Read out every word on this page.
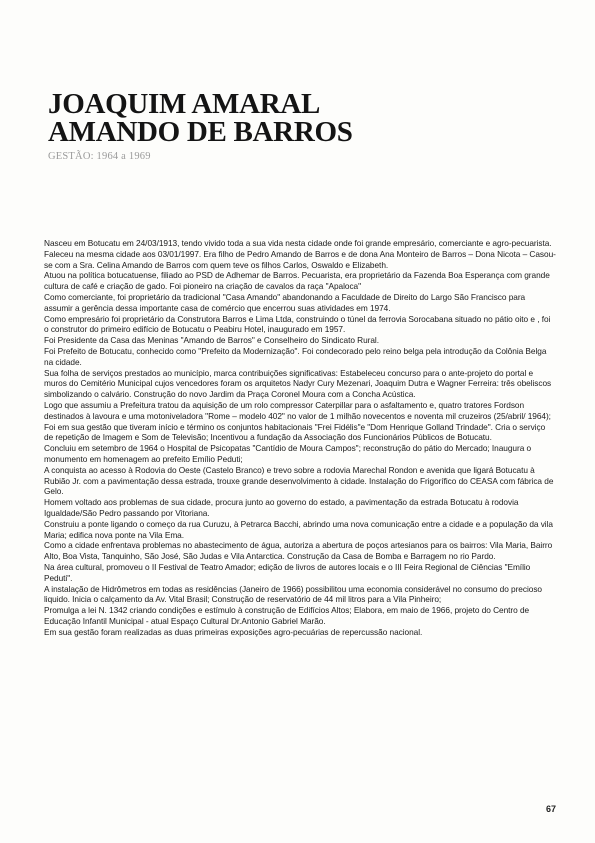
JOAQUIM AMARAL
AMANDO DE BARROS
GESTÃO: 1964 a 1969

Nasceu em Botucatu em 24/03/1913, tendo vivido toda a sua vida nesta cidade onde foi grande empresário, comerciante e agro-pecuarista. Faleceu na mesma cidade aos 03/01/1997. Era filho de Pedro Amando de Barros e de dona Ana Monteiro de Barros – Dona Nicota – Casou-se com a Sra. Celina Amando de Barros com quem teve os filhos Carlos, Oswaldo e Elizabeth.

Atuou na política botucatuense, filiado ao PSD de Adhemar de Barros. Pecuarista, era proprietário da Fazenda Boa Esperança com grande cultura de café e criação de gado. Foi pioneiro na criação de cavalos da raça "Apaloca"

Como comerciante, foi proprietário da tradicional "Casa Amando" abandonando a Faculdade de Direito do Largo São Francisco para assumir a gerência dessa importante casa de comércio que encerrou suas atividades em 1974.

Como empresário foi proprietário da Construtora Barros e Lima Ltda, construindo o túnel da ferrovia Sorocabana situado no pátio oito e , foi o construtor do primeiro edifício de Botucatu o Peabiru Hotel, inaugurado em 1957.

Foi Presidente da Casa das Meninas "Amando de Barros" e Conselheiro do Sindicato Rural.

Foi Prefeito de Botucatu, conhecido como "Prefeito da Modernização". Foi condecorado pelo reino belga pela introdução da Colônia Belga na cidade.

Sua folha de serviços prestados ao município, marca contribuições significativas: Estabeleceu concurso para o ante-projeto do portal e muros do Cemitério Municipal cujos vencedores foram os arquitetos Nadyr Cury Mezenari, Joaquim Dutra e Wagner Ferreira: três obeliscos simbolizando o calvário. Construção do novo Jardim da Praça Coronel Moura com a Concha Acústica.

Logo que assumiu a Prefeitura tratou da aquisição de um rolo compressor Caterpillar para o asfaltamento e, quatro tratores Fordson destinados à lavoura e uma motoniveladora "Rome – modelo 402" no valor de 1 milhão novecentos e noventa mil cruzeiros (25/abril/ 1964); Foi em sua gestão que tiveram início e término os conjuntos habitacionais "Frei Fidélis"e "Dom Henrique Golland Trindade". Cria o serviço de repetição de Imagem e Som de Televisão; Incentivou a fundação da Associação dos Funcionários Públicos de Botucatu.

Concluiu em setembro de 1964 o Hospital de Psicopatas "Cantídio de Moura Campos"; reconstrução do pátio do Mercado; Inaugura o monumento em homenagem ao prefeito Emílio Peduti;

A conquista ao acesso à Rodovia do Oeste (Castelo Branco) e trevo sobre a rodovia Marechal Rondon e avenida que ligará Botucatu à Rubião Jr. com a pavimentação dessa estrada, trouxe grande desenvolvimento à cidade. Instalação do Frigorífico do CEASA com fábrica de Gelo.

Homem voltado aos problemas de sua cidade, procura junto ao governo do estado, a pavimentação da estrada Botucatu à rodovia Igualdade/São Pedro passando por Vitoriana.

Construiu a ponte ligando o começo da rua Curuzu, à Petrarca Bacchi, abrindo uma nova comunicação entre a cidade e a população da vila Maria; edifica nova ponte na Vila Ema.

Como a cidade enfrentava problemas no abastecimento de água, autoriza a abertura de poços artesianos para os bairros: Vila Maria, Bairro Alto, Boa Vista, Tanquinho, São José, São Judas e Vila Antarctica. Construção da Casa de Bomba e Barragem no rio Pardo.

Na área cultural, promoveu o II Festival de Teatro Amador; edição de livros de autores locais e o III Feira Regional de Ciências "Emílio Peduti".

A instalação de Hidrômetros em todas as residências (Janeiro de 1966) possibilitou uma economia considerável no consumo do precioso liquido. Inicia o calçamento da Av. Vital Brasil; Construção de reservatório de 44 mil litros para a Vila Pinheiro;

Promulga a lei N. 1342 criando condições e estímulo à construção de Edifícios Altos; Elabora, em maio de 1966, projeto do Centro de Educação Infantil Municipal - atual Espaço Cultural Dr.Antonio Gabriel Marão.

Em sua gestão foram realizadas as duas primeiras exposições agro-pecuárias de repercussão nacional.

67
